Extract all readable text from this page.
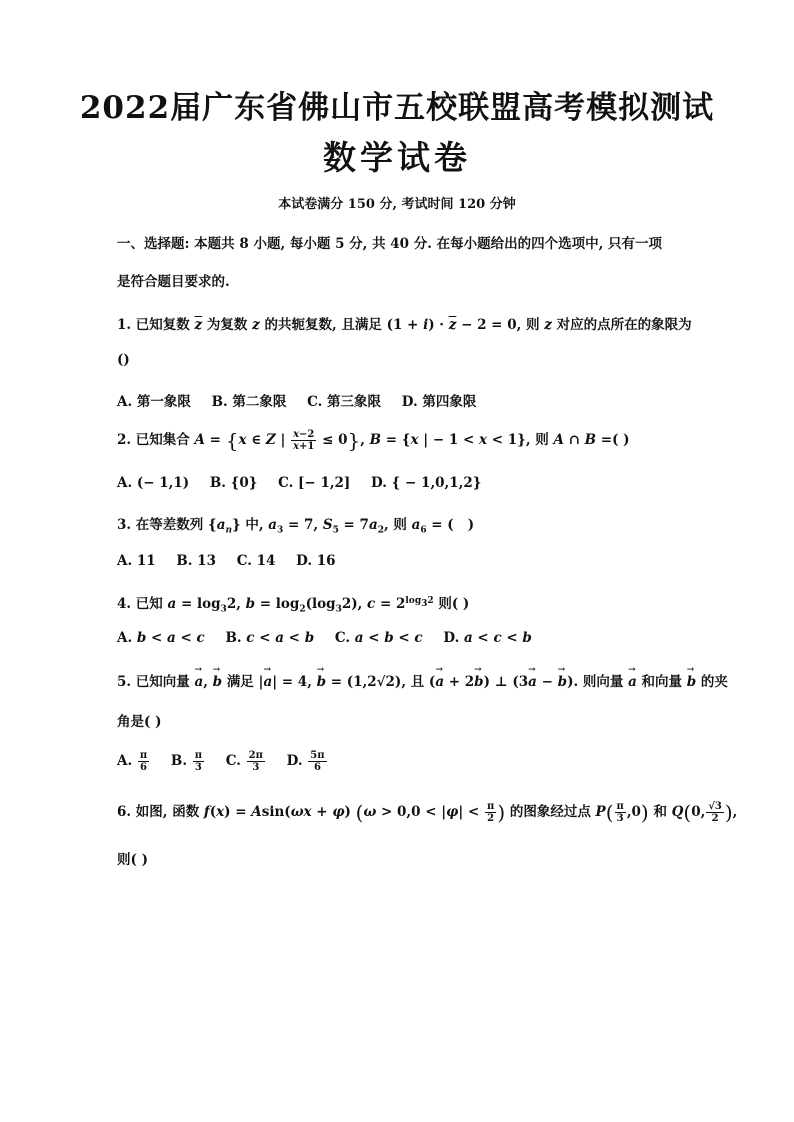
2022届广东省佛山市五校联盟高考模拟测试
数学试卷
本试卷满分 150 分, 考试时间 120 分钟
一、选择题: 本题共 8 小题, 每小题 5 分, 共 40 分. 在每小题给出的四个选项中, 只有一项
是符合题目要求的.
1. 已知复数 $\overline{z}$ 为复数 z 的共轭复数, 且满足 $(1 + i) \cdot \overline{z} - 2 = 0$, 则 z 对应的点所在的象限为
()
A. 第一象限 B. 第二象限 C. 第三象限 D. 第四象限
2. 已知集合 A = {x ∈ Z | $\frac{x-2}{x+1} \le 0$}, B = {x | − 1 < x < 1}, 则 A ∩ B =( )
A. (− 1,1) B. {0} C. [− 1,2] D. { − 1,0,1,2}
3. 在等差数列 $\{a_n\}$ 中, $a_3 = 7$, $S_5 = 7a_2$, 则 $a_6$ = (   )
A. 11 B. 13 C. 14 D. 16
4. 已知 $a = \log_32$, $b = \log_2(\log_32)$, $c = 2^{log_32}$ 则( )
A. b < a < c B. c < a < b C. a < b < c D. a < c < b
5. 已知向量 → a, → b 满足 |→ a| = 4, → b = (1,2√2), 且 (→ a + 2→ b) ⊥ (3→ a − → b). 则向量 → a 和向量 → b 的夹
角是( )
A. $\frac{\pi}{6} B$. $\frac{\pi}{3} C$. $\frac{2\pi}{3} D$. $\frac{5\pi}{6}$
6. 如图, 函数 f(x) = Asin(ωx + φ) ($\omega > 0,0 < |\varphi| < \frac{\pi}{2}$ ) 的图象经过点 $P( \frac{\pi}{3} ,0)$ 和 Q(0, $\frac{√3}{2}$ ),
则( )
